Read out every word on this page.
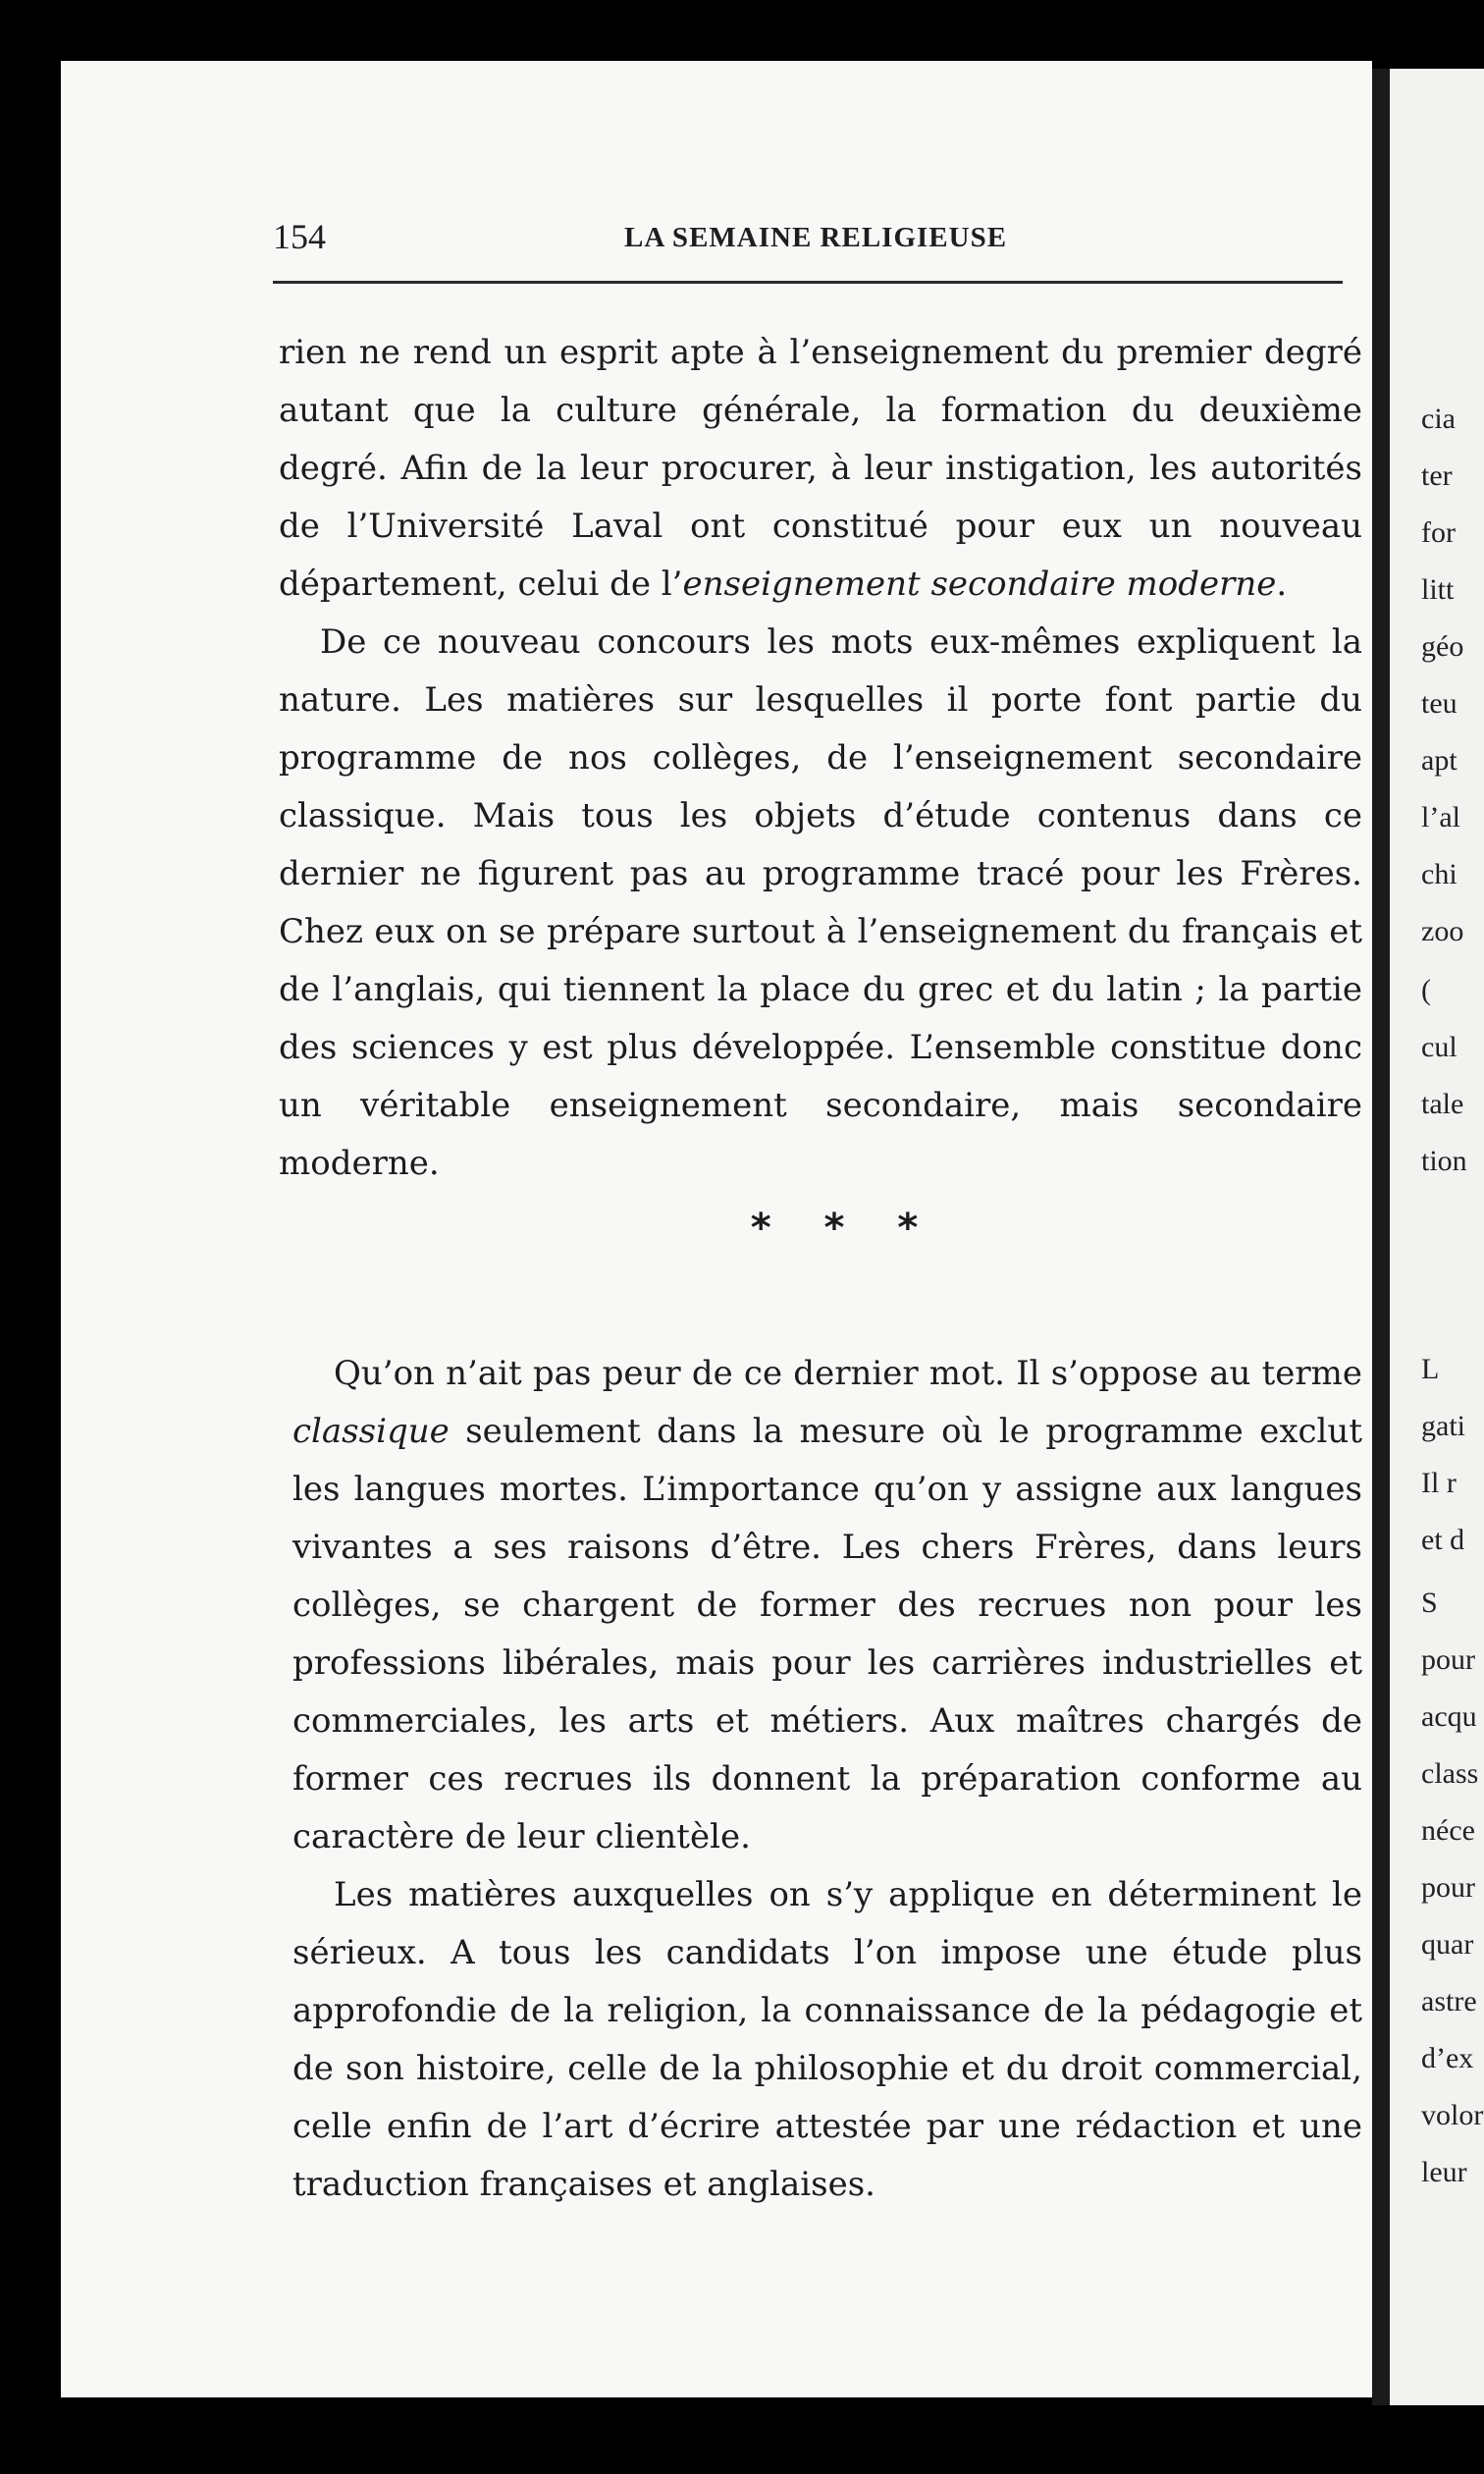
cia
ter
for
litt
géo
teu
apt
l’al
chi
zoo
(
cul
tale
tion
L
gati
Il r
et d
S
pour
acqu
class
néce
pour
quar
astre
d’ex
volor
leur
154	LA SEMAINE RELIGIEUSE

rien ne rend un esprit apte à l’enseignement du premier degré autant que la culture générale, la formation du deuxième degré. Afin de la leur procurer, à leur instigation, les autorités de l’Université Laval ont constitué pour eux un nouveau département, celui de l’enseignement secondaire moderne.

De ce nouveau concours les mots eux-mêmes expliquent la nature. Les matières sur lesquelles il porte font partie du programme de nos collèges, de l’enseignement secondaire classique. Mais tous les objets d’étude contenus dans ce dernier ne figurent pas au programme tracé pour les Frères. Chez eux on se prépare surtout à l’enseignement du français et de l’anglais, qui tiennent la place du grec et du latin ; la partie des sciences y est plus développée. L’ensemble constitue donc un véritable enseignement secondaire, mais secondaire moderne.

* * *

Qu’on n’ait pas peur de ce dernier mot. Il s’oppose au terme classique seulement dans la mesure où le programme exclut les langues mortes. L’importance qu’on y assigne aux langues vivantes a ses raisons d’être. Les chers Frères, dans leurs collèges, se chargent de former des recrues non pour les professions libérales, mais pour les carrières industrielles et commerciales, les arts et métiers. Aux maîtres chargés de former ces recrues ils donnent la préparation conforme au caractère de leur clientèle.

Les matières auxquelles on s’y applique en déterminent le sérieux. A tous les candidats l’on impose une étude plus approfondie de la religion, la connaissance de la pédagogie et de son histoire, celle de la philosophie et du droit commercial, celle enfin de l’art d’écrire attestée par une rédaction et une traduction françaises et anglaises.
